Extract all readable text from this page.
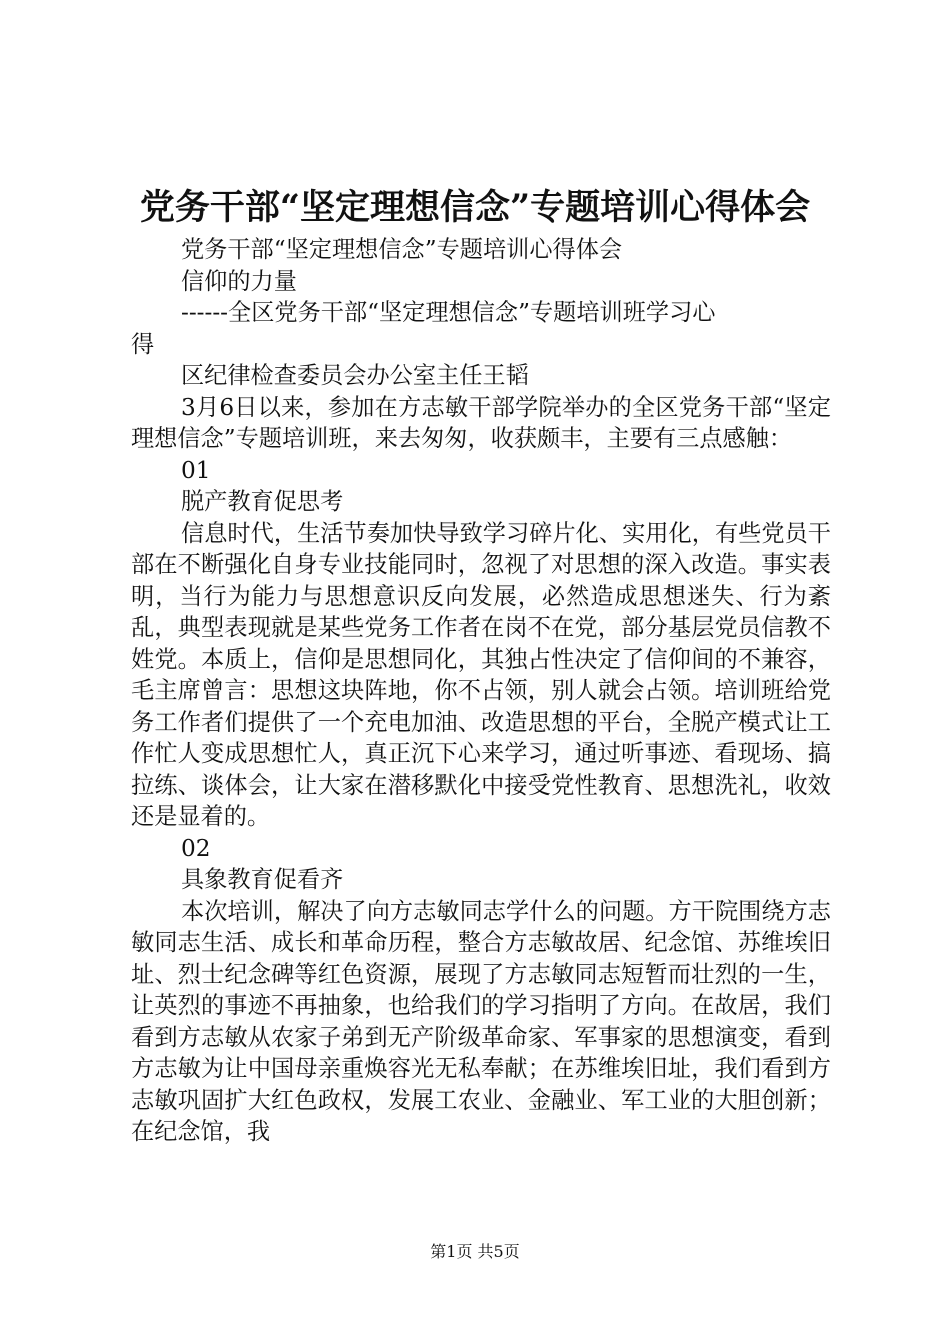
党务干部“坚定理想信念”专题培训心得体会
党务干部“坚定理想信念”专题培训心得体会
信仰的力量
------全区党务干部“坚定理想信念”专题培训班学习心
得
区纪律检查委员会办公室主任王韬

3月6日以来，参加在方志敏干部学院举办的全区党务干部“坚定理想信念”专题培训班，来去匆匆，收获颇丰，主要有三点感触：

01
脱产教育促思考

信息时代，生活节奏加快导致学习碎片化、实用化，有些党员干部在不断强化自身专业技能同时，忽视了对思想的深入改造。事实表明，当行为能力与思想意识反向发展，必然造成思想迷失、行为紊乱，典型表现就是某些党务工作者在岗不在党，部分基层党员信教不姓党。本质上，信仰是思想同化，其独占性决定了信仰间的不兼容，毛主席曾言：思想这块阵地，你不占领，别人就会占领。培训班给党务工作者们提供了一个充电加油、改造思想的平台，全脱产模式让工作忙人变成思想忙人，真正沉下心来学习，通过听事迹、看现场、搞拉练、谈体会，让大家在潜移默化中接受党性教育、思想洗礼，收效还是显着的。

02
具象教育促看齐

本次培训，解决了向方志敏同志学什么的问题。方干院围绕方志敏同志生活、成长和革命历程，整合方志敏故居、纪念馆、苏维埃旧址、烈士纪念碑等红色资源，展现了方志敏同志短暂而壮烈的一生，让英烈的事迹不再抽象，也给我们的学习指明了方向。在故居，我们看到方志敏从农家子弟到无产阶级革命家、军事家的思想演变，看到方志敏为让中国母亲重焕容光无私奉献；在苏维埃旧址，我们看到方志敏巩固扩大红色政权，发展工农业、金融业、军工业的大胆创新；在纪念馆，我

第1页 共5页
